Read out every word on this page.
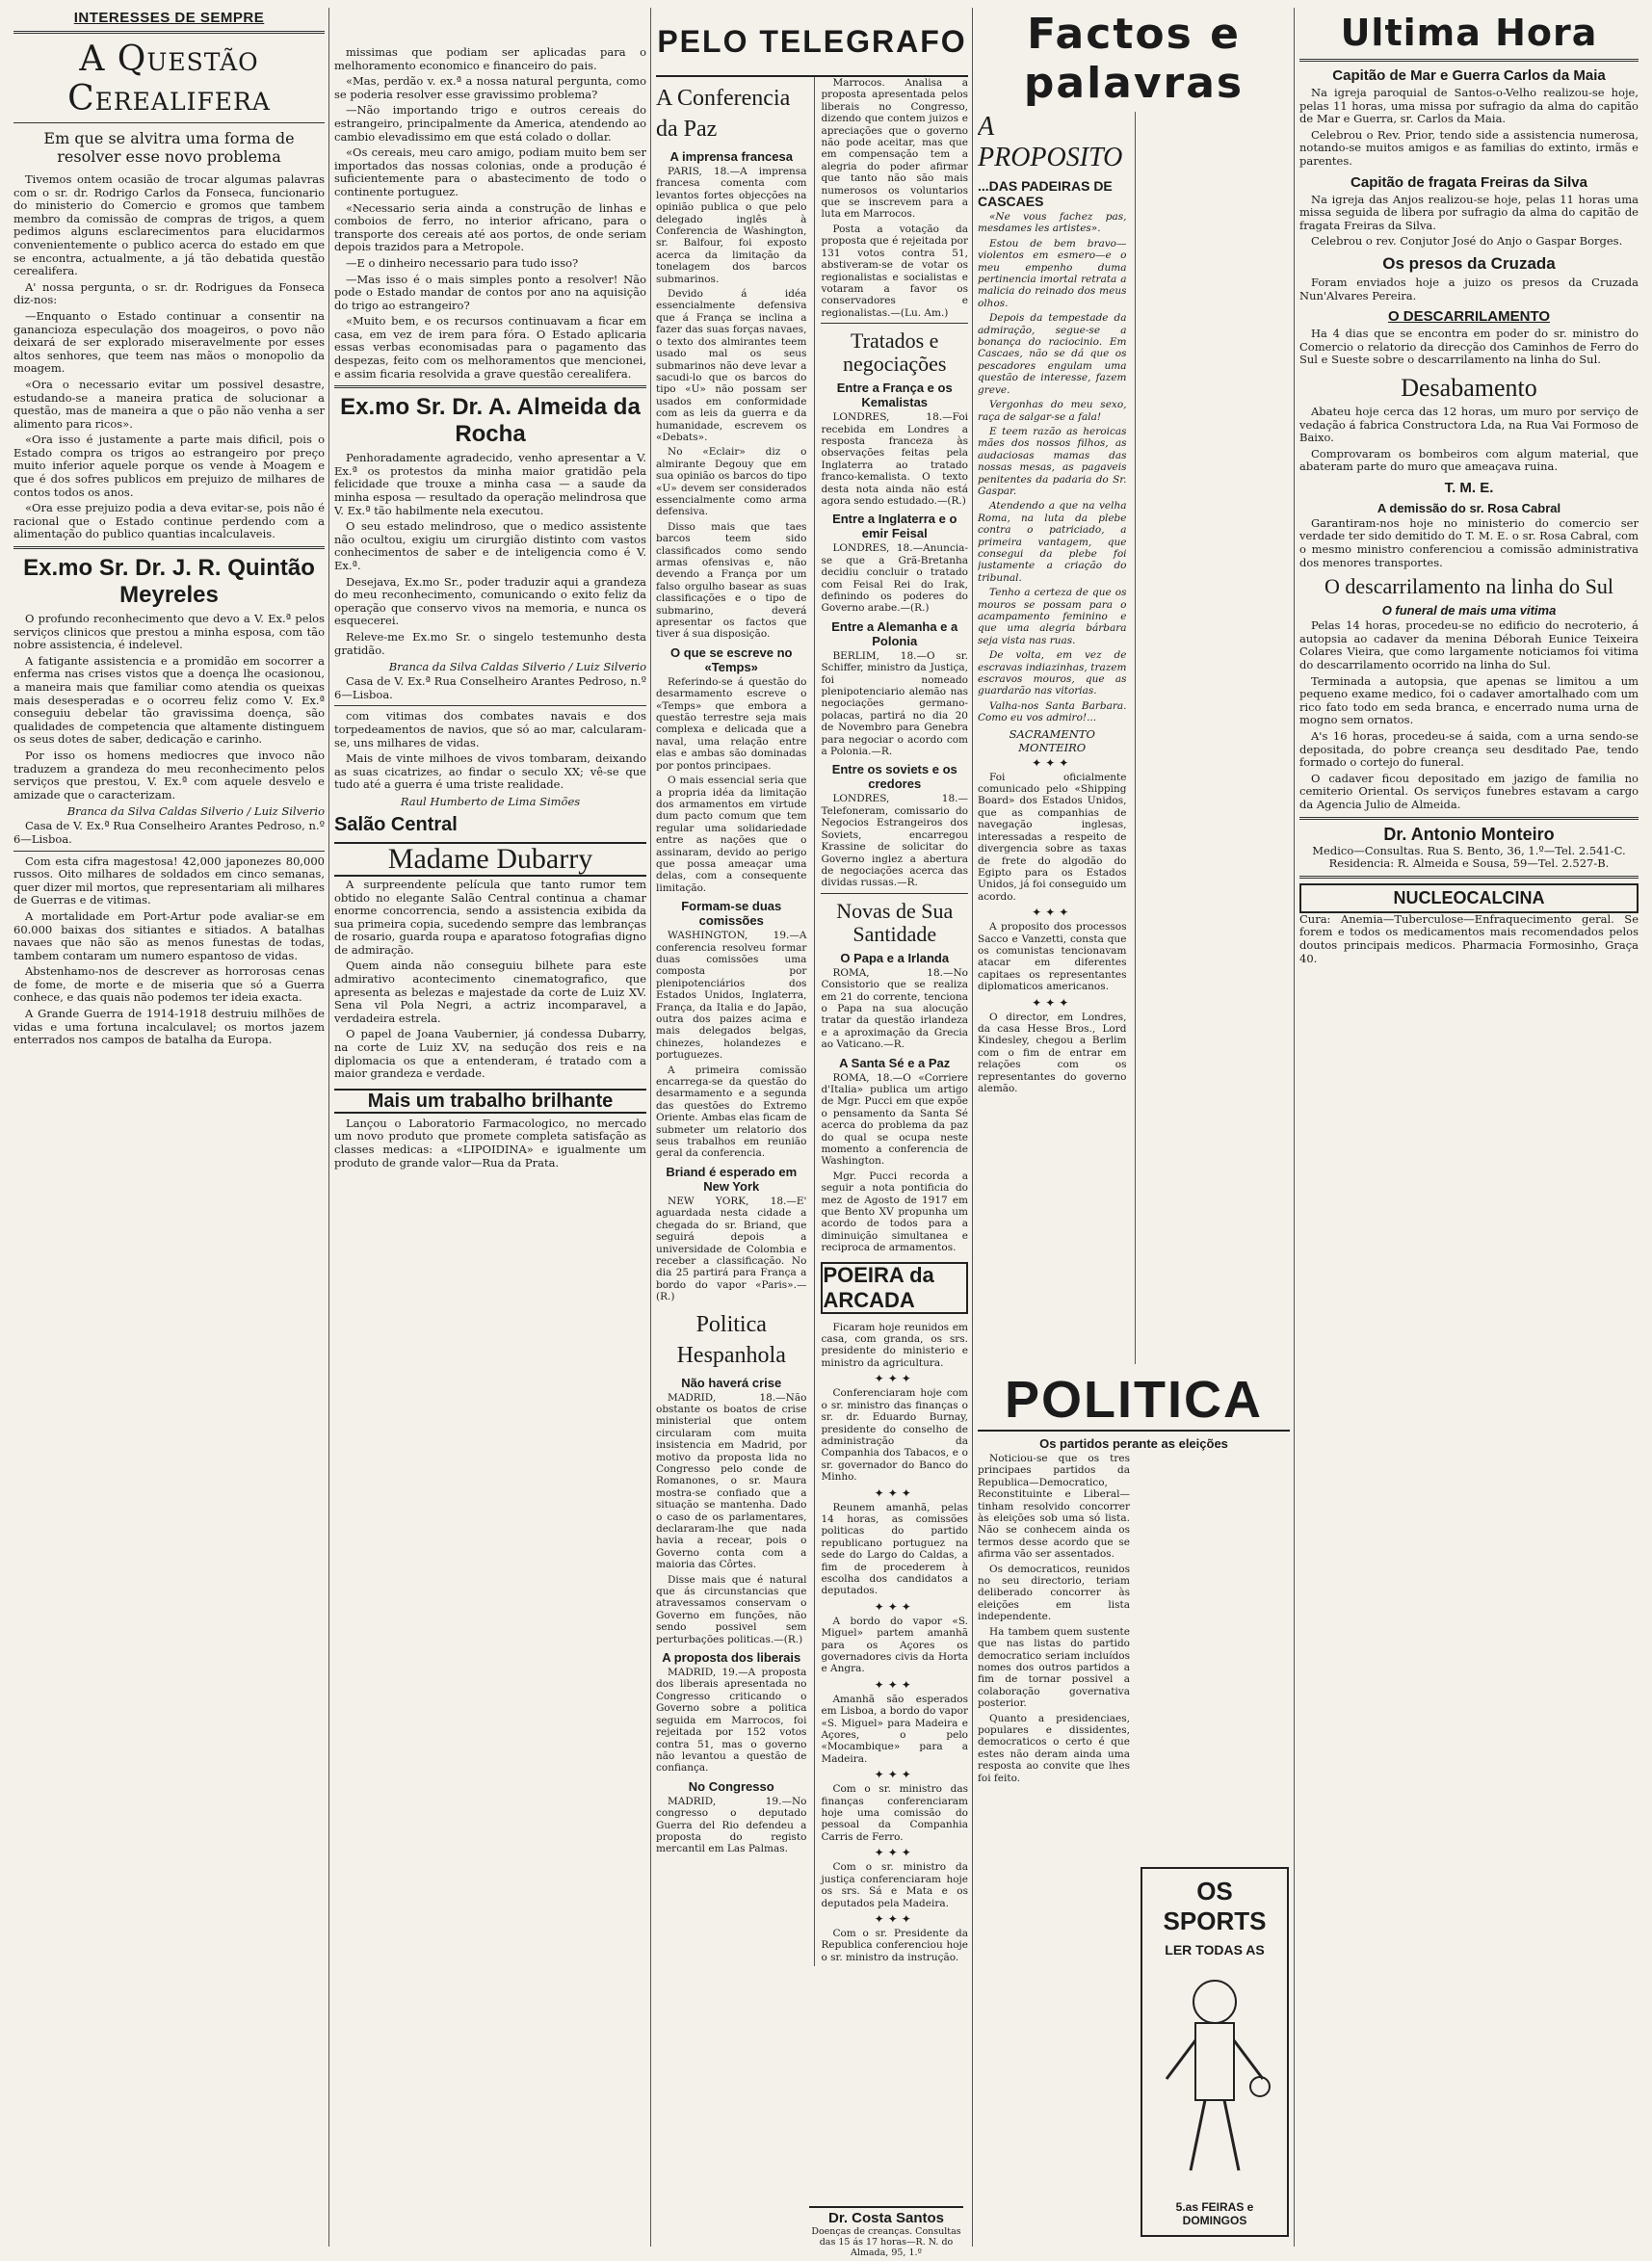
INTERESSES DE SEMPRE
A Questão Cerealifera
Em que se alvitra uma forma de resolver esse novo problema

Tivemos ontem ocasião de trocar algumas palavras com o sr. dr. Rodrigo Carlos da Fonseca, funcionario do ministerio do Comercio e gromos que tambem membro da comissão de compras de trigos, a quem pedimos alguns esclarecimentos para elucidarmos convenientemente o publico acerca do estado em que se encontra, actualmente, a já tão debatida questão cerealifera.

A' nossa pergunta, o sr. dr. Rodrigues da Fonseca diz-nos:

—Enquanto o Estado continuar a consentir na ganancioza especulação dos moageiros, o povo não deixará de ser explorado miseravelmente por esses altos senhores, que teem nas mãos o monopolio da moagem.

«Ora o necessario evitar um possivel desastre, estudando-se a maneira pratica de solucionar a questão, mas de maneira a que o pão não venha a ser alimento para ricos».

«Ora isso é justamente a parte mais dificil, pois o Estado compra os trigos ao estrangeiro por preço muito inferior aquele porque os vende à Moagem e que é dos sofres publicos em prejuizo de milhares de contos todos os anos.

«Ora esse prejuizo podia a deva evitar-se, pois não é racional que o Estado continue perdendo com a alimentação do publico quantias incalculaveis.

Ex.mo Sr. Dr. J. R. Quintão Meyreles

O profundo reconhecimento que devo a V. Ex.ª pelos serviços clinicos que prestou a minha esposa, com tão nobre assistencia, é indelevel.

A fatigante assistencia e a promidão em socorrer a enferma nas crises vistos que a doença lhe ocasionou, a maneira mais que familiar como atendia os queixas mais desesperadas e o ocorreu feliz como V. Ex.ª conseguiu debelar tão gravissima doença, são qualidades de competencia que altamente distinguem os seus dotes de saber, dedicação e carinho.

Por isso os homens mediocres que invoco não traduzem a grandeza do meu reconhecimento pelos serviços que prestou, V. Ex.ª com aquele desvelo e amizade que o caracterizam.

Branca da Silva Caldas Silverio / Luiz Silverio

Casa de V. Ex.ª Rua Conselheiro Arantes Pedroso, n.º 6—Lisboa.

Com esta cifra magestosa! 42,000 japonezes 80,000 russos. Oito milhares de soldados em cinco semanas, quer dizer mil mortos, que representariam ali milhares de Guerras e de vitimas.

A mortalidade em Port-Artur pode avaliar-se em 60.000 baixas dos sitiantes e sitiados. A batalhas navaes que não são as menos funestas de todas, tambem contaram um numero espantoso de vidas.

Abstenhamo-nos de descrever as horrorosas cenas de fome, de morte e de miseria que só a Guerra conhece, e das quais não podemos ter ideia exacta.

A Grande Guerra de 1914-1918 destruiu milhões de vidas e uma fortuna incalculavel; os mortos jazem enterrados nos campos de batalha da Europa.

missimas que podiam ser aplicadas para o melhoramento economico e financeiro do pais.

«Mas, perdão v. ex.ª a nossa natural pergunta, como se poderia resolver esse gravissimo problema?

—Não importando trigo e outros cereais do estrangeiro, principalmente da America, atendendo ao cambio elevadissimo em que está colado o dollar.

«Os cereais, meu caro amigo, podiam muito bem ser importados das nossas colonias, onde a produção é suficientemente para o abastecimento de todo o continente portuguez.

«Necessario seria ainda a construção de linhas e comboios de ferro, no interior africano, para o transporte dos cereais até aos portos, de onde seriam depois trazidos para a Metropole.

—E o dinheiro necessario para tudo isso?

—Mas isso é o mais simples ponto a resolver! Não pode o Estado mandar de contos por ano na aquisição do trigo ao estrangeiro?

«Muito bem, e os recursos continuavam a ficar em casa, em vez de irem para fóra. O Estado aplicaria essas verbas economisadas para o pagamento das despezas, feito com os melhoramentos que mencionei, e assim ficaria resolvida a grave questão cerealifera.

Ex.mo Sr. Dr. A. Almeida da Rocha

Penhoradamente agradecido, venho apresentar a V. Ex.ª os protestos da minha maior gratidão pela felicidade que trouxe a minha casa — a saude da minha esposa — resultado da operação melindrosa que V. Ex.ª tão habilmente nela executou.

O seu estado melindroso, que o medico assistente não ocultou, exigiu um cirurgião distinto com vastos conhecimentos de saber e de inteligencia como é V. Ex.ª.

Desejava, Ex.mo Sr., poder traduzir aqui a grandeza do meu reconhecimento, comunicando o exito feliz da operação que conservo vivos na memoria, e nunca os esquecerei.

Releve-me Ex.mo Sr. o singelo testemunho desta gratidão.

Branca da Silva Caldas Silverio / Luiz Silverio

Casa de V. Ex.ª Rua Conselheiro Arantes Pedroso, n.º 6—Lisboa.

com vitimas dos combates navais e dos torpedeamentos de navios, que só ao mar, calcularam-se, uns milhares de vidas.

Mais de vinte milhoes de vivos tombaram, deixando as suas cicatrizes, ao findar o seculo XX; vê-se que tudo até a guerra é uma triste realidade.

Raul Humberto de Lima Simões
Salão Central
Madame Dubarry

A surpreendente película que tanto rumor tem obtido no elegante Salão Central continua a chamar enorme concorrencia, sendo a assistencia exibida da sua primeira copia, sucedendo sempre das lembranças de rosario, guarda roupa e aparatoso fotografias digno de admiração.

Quem ainda não conseguiu bilhete para este admirativo acontecimento cinematografico, que apresenta as belezas e majestade da corte de Luiz XV. Sena vil Pola Negri, a actriz incomparavel, a verdadeira estrela.

O papel de Joana Vaubernier, já condessa Dubarry, na corte de Luiz XV, na sedução dos reis e na diplomacia os que a entenderam, é tratado com a maior grandeza e verdade.

Mais um trabalho brilhante

Lançou o Laboratorio Farmacologico, no mercado um novo produto que promete completa satisfação as classes medicas: a «LIPOIDINA» e igualmente um produto de grande valor—Rua da Prata.

PELO TELEGRAFO
A Conferencia da Paz
A imprensa francesa

PARIS, 18.—A imprensa francesa comenta com levantos fortes objecções na opinião publica o que pelo delegado inglês à Conferencia de Washington, sr. Balfour, foi exposto acerca da limitação da tonelagem dos barcos submarinos.

Devido á idéa essencialmente defensiva que á França se inclina a fazer das suas forças navaes, o texto dos almirantes teem usado mal os seus submarinos não deve levar a sacudi-lo que os barcos do tipo «U» não possam ser usados em conformidade com as leis da guerra e da humanidade, escrevem os «Debats».

No «Eclair» diz o almirante Degouy que em sua opinião os barcos do tipo «U» devem ser considerados essencialmente como arma defensiva.

Disso mais que taes barcos teem sido classificados como sendo armas ofensivas e, não devendo a França por um falso orgulho basear as suas classificações e o tipo de submarino, deverá apresentar os factos que tiver á sua disposição.

O que se escreve no «Temps»

Referindo-se á questão do desarmamento escreve o «Temps» que embora a questão terrestre seja mais complexa e delicada que a naval, uma relação entre elas e ambas são dominadas por pontos principaes.

O mais essencial seria que a propria idéa da limitação dos armamentos em virtude dum pacto comum que tem regular uma solidariedade entre as nações que o assinaram, devido ao perigo que possa ameaçar uma delas, com a consequente limitação.

Formam-se duas comissões

WASHINGTON, 19.—A conferencia resolveu formar duas comissões uma composta por plenipotenciários dos Estados Unidos, Inglaterra, França, da Italia e do Japão, outra dos paizes acima e mais delegados belgas, chinezes, holandezes e portuguezes.

A primeira comissão encarrega-se da questão do desarmamento e a segunda das questões do Extremo Oriente. Ambas elas ficam de submeter um relatorio dos seus trabalhos em reunião geral da conferencia.

Briand é esperado em New York

NEW YORK, 18.—E' aguardada nesta cidade a chegada do sr. Briand, que seguirá depois a universidade de Colombia e receber a classificação. No dia 25 partirá para França a bordo do vapor «Paris».—(R.)

Politica Hespanhola
Não haverá crise

MADRID, 18.—Não obstante os boatos de crise ministerial que ontem circularam com muita insistencia em Madrid, por motivo da proposta lida no Congresso pelo conde de Romanones, o sr. Maura mostra-se confiado que a situação se mantenha. Dado o caso de os parlamentares, declararam-lhe que nada havia a recear, pois o Governo conta com a maioria das Côrtes.

Disse mais que é natural que ás circunstancias que atravessamos conservam o Governo em funções, não sendo possivel sem perturbações politicas.—(R.)

A proposta dos liberais

MADRID, 19.—A proposta dos liberais apresentada no Congresso criticando o Governo sobre a politica seguida em Marrocos, foi rejeitada por 152 votos contra 51, mas o governo não levantou a questão de confiança.

No Congresso

MADRID, 19.—No congresso o deputado Guerra del Rio defendeu a proposta do registo mercantil em Las Palmas.

Marrocos. Analisa a proposta apresentada pelos liberais no Congresso, dizendo que contem juizos e apreciações que o governo não pode aceitar, mas que em compensação tem a alegria do poder afirmar que tanto não são mais numerosos os voluntarios que se inscrevem para a luta em Marrocos.

Posta a votação da proposta que é rejeitada por 131 votos contra 51, abstiveram-se de votar os regionalistas e socialistas e votaram a favor os conservadores e regionalistas.—(Lu. Am.)

Tratados e negociações
Entre a França e os Kemalistas

LONDRES, 18.—Foi recebida em Londres a resposta franceza às observações feitas pela Inglaterra ao tratado franco-kemalista. O texto desta nota ainda não está agora sendo estudado.—(R.)

Entre a Inglaterra e o emir Feisal

LONDRES, 18.—Anuncia-se que a Grã-Bretanha decidiu concluir o tratado com Feisal Rei do Irak, definindo os poderes do Governo arabe.—(R.)

Entre a Alemanha e a Polonia

BERLIM, 18.—O sr. Schiffer, ministro da Justiça, foi nomeado plenipotenciario alemão nas negociações germano-polacas, partirá no dia 20 de Novembro para Genebra para negociar o acordo com a Polonia.—R.

Entre os soviets e os credores

LONDRES, 18.—Telefoneram, comissario do Negocios Estrangeiros dos Soviets, encarregou Krassine de solicitar do Governo inglez a abertura de negociações acerca das dividas russas.—R.

Novas de Sua Santidade
O Papa e a Irlanda

ROMA, 18.—No Consistorio que se realiza em 21 do corrente, tenciona o Papa na sua alocução tratar da questão irlandeza e a aproximação da Grecia ao Vaticano.—R.

A Santa Sé e a Paz

ROMA, 18.—O «Corriere d'Italia» publica um artigo de Mgr. Pucci em que expõe o pensamento da Santa Sé acerca do problema da paz do qual se ocupa neste momento a conferencia de Washington.

Mgr. Pucci recorda a seguir a nota pontificia do mez de Agosto de 1917 em que Bento XV propunha um acordo de todos para a diminuição simultanea e reciproca de armamentos.

POEIRA da ARCADA

Ficaram hoje reunidos em casa, com granda, os srs. presidente do ministerio e ministro da agricultura.

✦✦✦

Conferenciaram hoje com o sr. ministro das finanças o sr. dr. Eduardo Burnay, presidente do conselho de administração da Companhia dos Tabacos, e o sr. governador do Banco do Minho.

✦✦✦

Reunem amanhã, pelas 14 horas, as comissões politicas do partido republicano portuguez na sede do Largo do Caldas, a fim de procederem à escolha dos candidatos a deputados.

✦✦✦

A bordo do vapor «S. Miguel» partem amanhã para os Açores os governadores civis da Horta e Angra.

✦✦✦

Amanhã são esperados em Lisboa, a bordo do vapor «S. Miguel» para Madeira e Açores, o pelo «Mocambique» para a Madeira.

✦✦✦

Com o sr. ministro das finanças conferenciaram hoje uma comissão do pessoal da Companhia Carris de Ferro.

✦✦✦

Com o sr. ministro da justiça conferenciaram hoje os srs. Sá e Mata e os deputados pela Madeira.

✦✦✦

Com o sr. Presidente da Republica conferenciou hoje o sr. ministro da instrução.

Factos e palavras
A PROPOSITO
...DAS PADEIRAS DE CASCAES

«Ne vous fachez pas, mesdames les artistes».

Estou de bem bravo—violentos em esmero—e o meu empenho duma pertinencia imortal retrata a malicia do reinado dos meus olhos.

Depois da tempestade da admiração, segue-se a bonança do raciocinio. Em Cascaes, não se dá que os pescadores engulam uma questão de interesse, fazem greve.

Vergonhas do meu sexo, raça de salgar-se a fala!

E teem razão as heroicas mães dos nossos filhos, as audaciosas mamas das nossas mesas, as pagaveis penitentes da padaria do Sr. Gaspar.

Atendendo a que na velha Roma, na luta da plebe contra o patriciado, a primeira vantagem, que consegui da plebe foi justamente a criação do tribunal.

Tenho a certeza de que os mouros se possam para o acampamento feminino e que uma alegria bárbara seja vista nas ruas.

De volta, em vez de escravas indiazinhas, trazem escravos mouros, que as guardarão nas vitorias.

Valha-nos Santa Barbara. Como eu vos admiro!...

SACRAMENTO MONTEIRO
✦✦✦

Foi oficialmente comunicado pelo «Shipping Board» dos Estados Unidos, que as companhias de navegação inglesas, interessadas a respeito de divergencia sobre as taxas de frete do algodão do Egipto para os Estados Unidos, já foi conseguido um acordo.

✦✦✦

A proposito dos processos Sacco e Vanzetti, consta que os comunistas tencionavam atacar em diferentes capitaes os representantes diplomaticos americanos.

✦✦✦

O director, em Londres, da casa Hesse Bros., Lord Kindesley, chegou a Berlim com o fim de entrar em relações com os representantes do governo alemão.

POLITICA
Os partidos perante as eleições

Noticiou-se que os tres principaes partidos da Republica—Democratico, Reconstituinte e Liberal—tinham resolvido concorrer às eleições sob uma só lista. Não se conhecem ainda os termos desse acordo que se afirma vão ser assentados.

Os democraticos, reunidos no seu directorio, teriam deliberado concorrer às eleições em lista independente.

Ha tambem quem sustente que nas listas do partido democratico seriam incluídos nomes dos outros partidos a fim de tornar possivel a colaboração governativa posterior.

Quanto a presidenciaes, populares e dissidentes, democraticos o certo é que estes não deram ainda uma resposta ao convite que lhes foi feito.

Ultima Hora
Capitão de Mar e Guerra Carlos da Maia

Na igreja paroquial de Santos-o-Velho realizou-se hoje, pelas 11 horas, uma missa por sufragio da alma do capitão de Mar e Guerra, sr. Carlos da Maia.

Celebrou o Rev. Prior, tendo side a assistencia numerosa, notando-se muitos amigos e as familias do extinto, irmãs e parentes.

Capitão de fragata Freiras da Silva

Na igreja das Anjos realizou-se hoje, pelas 11 horas uma missa seguida de libera por sufragio da alma do capitão de fragata Freiras da Silva.

Celebrou o rev. Conjutor José do Anjo o Gaspar Borges.

Os presos da Cruzada

Foram enviados hoje a juizo os presos da Cruzada Nun'Alvares Pereira.

O DESCARRILAMENTO

Ha 4 dias que se encontra em poder do sr. ministro do Comercio o relatorio da direcção dos Caminhos de Ferro do Sul e Sueste sobre o descarrilamento na linha do Sul.

Desabamento

Abateu hoje cerca das 12 horas, um muro por serviço de vedação á fabrica Constructora Lda, na Rua Vai Formoso de Baixo.

Comprovaram os bombeiros com algum material, que abateram parte do muro que ameaçava ruina.

T. M. E.
A demissão do sr. Rosa Cabral

Garantiram-nos hoje no ministerio do comercio ser verdade ter sido demitido do T. M. E. o sr. Rosa Cabral, com o mesmo ministro conferenciou a comissão administrativa dos menores transportes.

O descarrilamento na linha do Sul
O funeral de mais uma vitima

Pelas 14 horas, procedeu-se no edificio do necroterio, á autopsia ao cadaver da menina Déborah Eunice Teixeira Colares Vieira, que como largamente noticiamos foi vitima do descarrilamento ocorrido na linha do Sul.

Terminada a autopsia, que apenas se limitou a um pequeno exame medico, foi o cadaver amortalhado com um rico fato todo em seda branca, e encerrado numa urna de mogno sem ornatos.

A's 16 horas, procedeu-se á saida, com a urna sendo-se depositada, do pobre creança seu desditado Pae, tendo formado o cortejo do funeral.

O cadaver ficou depositado em jazigo de familia no cemiterio Oriental. Os serviços funebres estavam a cargo da Agencia Julio de Almeida.

Dr. Antonio Monteiro

Medico—Consultas. Rua S. Bento, 36, 1.º—Tel. 2.541-C. Residencia: R. Almeida e Sousa, 59—Tel. 2.527-B.

NUCLEOCALCINA

Cura: Anemia—Tuberculose—Enfraquecimento geral. Se forem e todos os medicamentos mais recomendados pelos doutos principais medicos. Pharmacia Formosinho, Graça 40.

OS SPORTS
LER TODAS AS
5.as FEIRAS e DOMINGOS
Dr. Costa Santos

Doenças de creanças. Consultas das 15 ás 17 horas—R. N. do Almada, 95, 1.º
